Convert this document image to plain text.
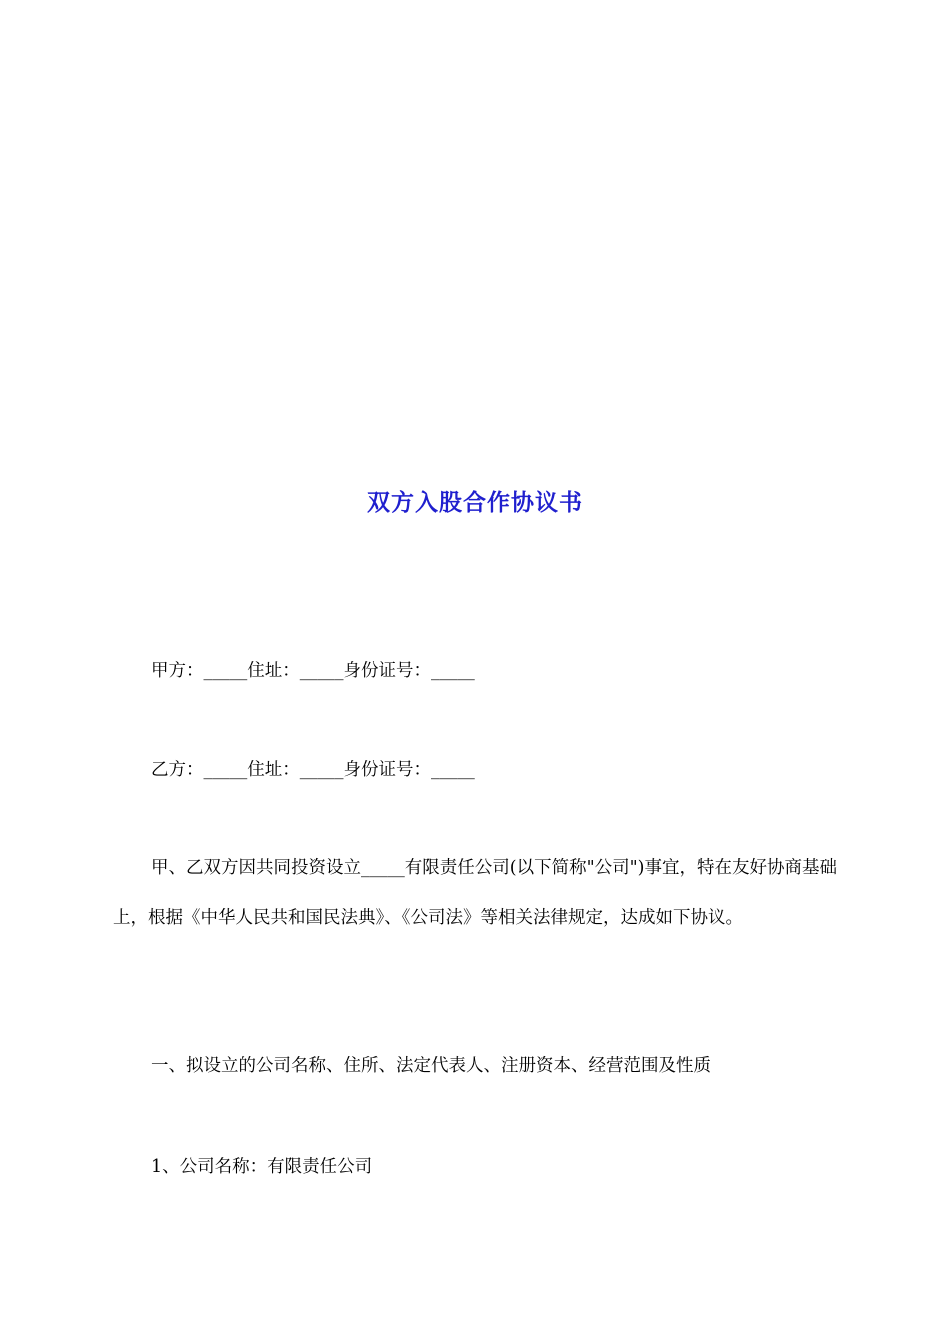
双方入股合作协议书

甲方：_____住址：_____身份证号：_____

乙方：_____住址：_____身份证号：_____

甲、乙双方因共同投资设立_____有限责任公司(以下简称"公司")事宜，特在友好协商基础上，根据《中华人民共和国民法典》、《公司法》等相关法律规定，达成如下协议。

一、拟设立的公司名称、住所、法定代表人、注册资本、经营范围及性质

1、公司名称：有限责任公司
